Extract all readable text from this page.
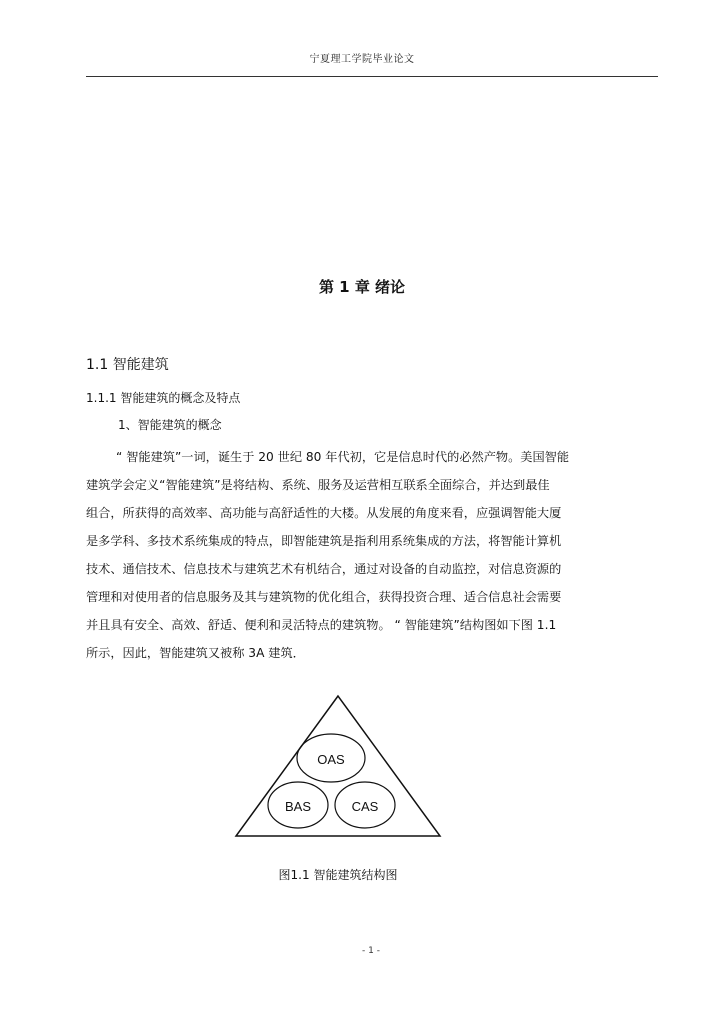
宁夏理工学院毕业论文
第 1 章 绪论
1.1 智能建筑
1.1.1 智能建筑的概念及特点
1、智能建筑的概念
“ 智能建筑”一词，诞生于 20 世纪 80 年代初，它是信息时代的必然产物。美国智能
建筑学会定义“智能建筑”是将结构、系统、服务及运营相互联系全面综合，并达到最佳
组合，所获得的高效率、高功能与高舒适性的大楼。从发展的角度来看，应强调智能大厦
是多学科、多技术系统集成的特点，即智能建筑是指利用系统集成的方法，将智能计算机
技术、通信技术、信息技术与建筑艺术有机结合，通过对设备的自动监控，对信息资源的
管理和对使用者的信息服务及其与建筑物的优化组合，获得投资合理、适合信息社会需要
并且具有安全、高效、舒适、便利和灵活特点的建筑物。 “ 智能建筑”结构图如下图 1.1
所示，因此，智能建筑又被称 3A 建筑．
OAS
BAS	CAS
图1.1 智能建筑结构图
- 1 -
